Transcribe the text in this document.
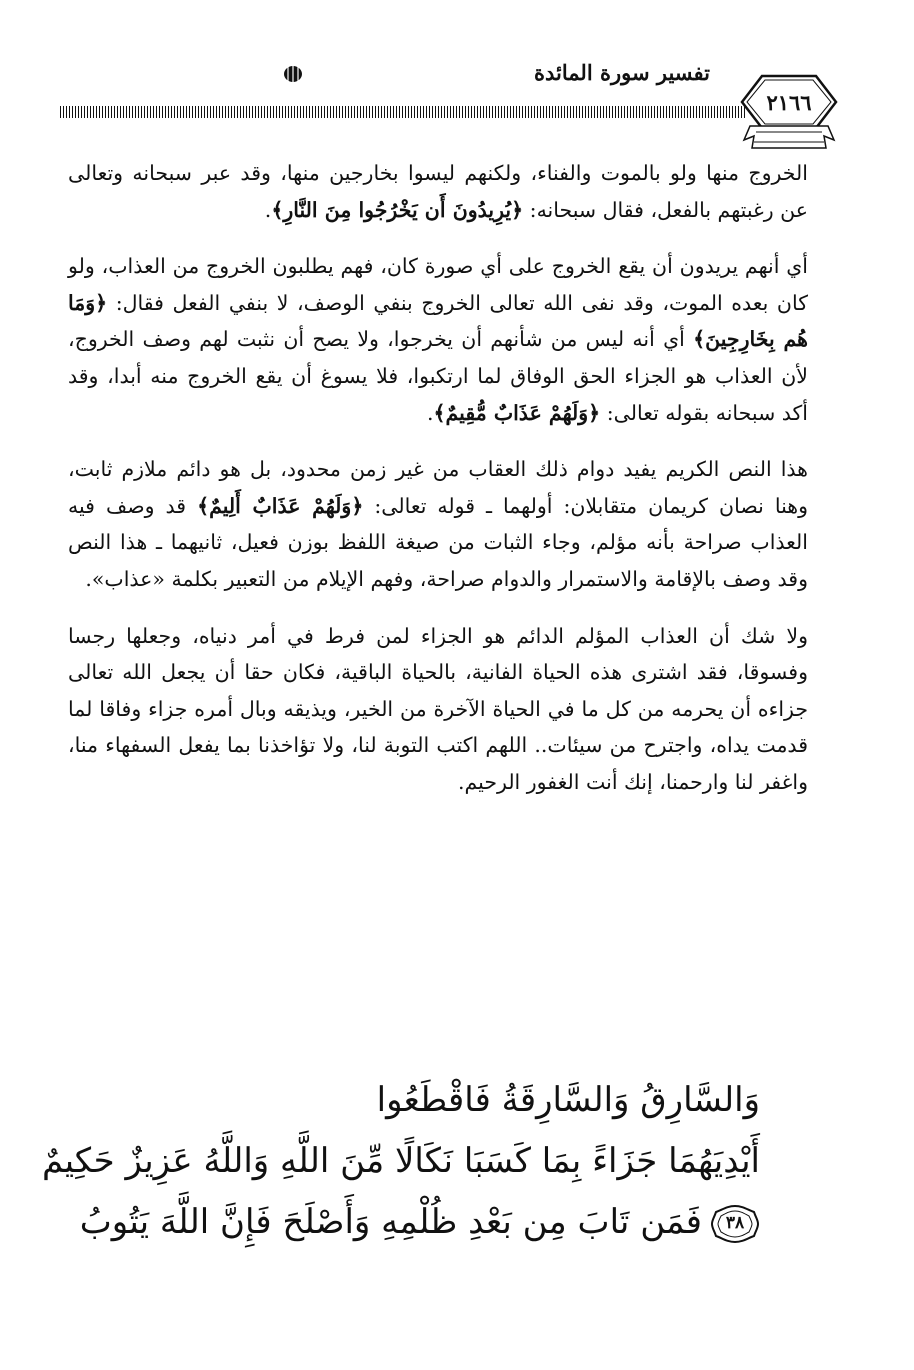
تفسير سورة المائدة
٢١٦٦

الخروج منها ولو بالموت والفناء، ولكنهم ليسوا بخارجين منها، وقد عبر سبحانه وتعالى عن رغبتهم بالفعل، فقال سبحانه: ﴿يُرِيدُونَ أَن يَخْرُجُوا مِنَ النَّارِ﴾.

أي أنهم يريدون أن يقع الخروج على أي صورة كان، فهم يطلبون الخروج من العذاب، ولو كان بعده الموت، وقد نفى الله تعالى الخروج بنفي الوصف، لا بنفي الفعل فقال: ﴿وَمَا هُم بِخَارِجِينَ﴾ أي أنه ليس من شأنهم أن يخرجوا، ولا يصح أن نثبت لهم وصف الخروج، لأن العذاب هو الجزاء الحق الوفاق لما ارتكبوا، فلا يسوغ أن يقع الخروج منه أبدا، وقد أكد سبحانه بقوله تعالى: ﴿وَلَهُمْ عَذَابٌ مُّقِيمٌ﴾.

هذا النص الكريم يفيد دوام ذلك العقاب من غير زمن محدود، بل هو دائم ملازم ثابت، وهنا نصان كريمان متقابلان: أولهما ـ قوله تعالى: ﴿وَلَهُمْ عَذَابٌ أَلِيمٌ﴾ قد وصف فيه العذاب صراحة بأنه مؤلم، وجاء الثبات من صيغة اللفظ بوزن فعيل، ثانيهما ـ هذا النص وقد وصف بالإقامة والاستمرار والدوام صراحة، وفهم الإيلام من التعبير بكلمة «عذاب».

ولا شك أن العذاب المؤلم الدائم هو الجزاء لمن فرط في أمر دنياه، وجعلها رجسا وفسوقا، فقد اشترى هذه الحياة الفانية، بالحياة الباقية، فكان حقا أن يجعل الله تعالى جزاءه أن يحرمه من كل ما في الحياة الآخرة من الخير، ويذيقه وبال أمره جزاء وفاقا لما قدمت يداه، واجترح من سيئات.. اللهم اكتب التوبة لنا، ولا تؤاخذنا بما يفعل السفهاء منا، واغفر لنا وارحمنا، إنك أنت الغفور الرحيم.

وَالسَّارِقُ وَالسَّارِقَةُ فَاقْطَعُوا
أَيْدِيَهُمَا جَزَاءً بِمَا كَسَبَا نَكَالًا مِّنَ اللَّهِ وَاللَّهُ عَزِيزٌ حَكِيمٌ
٣٨
فَمَن تَابَ مِن بَعْدِ ظُلْمِهِ وَأَصْلَحَ فَإِنَّ اللَّهَ يَتُوبُ
